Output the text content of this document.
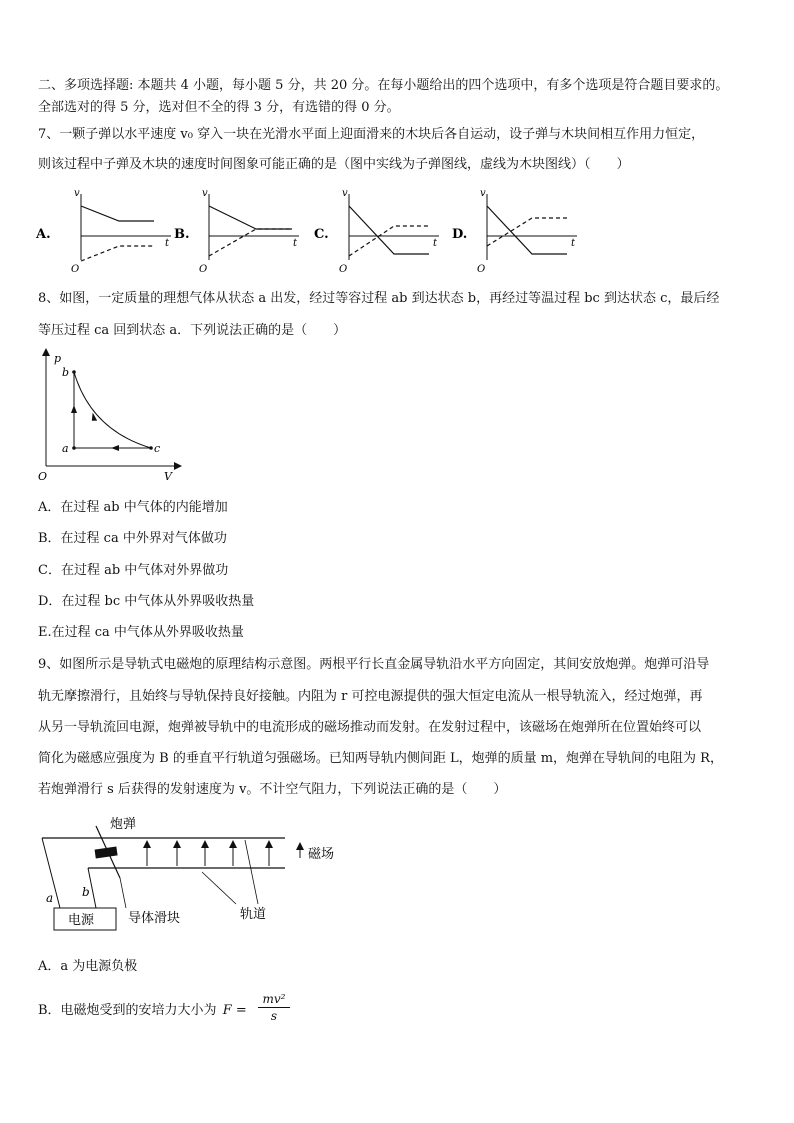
二、多项选择题: 本题共 4 小题，每小题 5 分，共 20 分。在每小题给出的四个选项中，有多个选项是符合题目要求的。
全部选对的得 5 分，选对但不全的得 3 分，有选错的得 0 分。
7、一颗子弹以水平速度 v₀ 穿入一块在光滑水平面上迎面滑来的木块后各自运动，设子弹与木块间相互作用力恒定，
则该过程中子弹及木块的速度时间图象可能正确的是（图中实线为子弹图线，虚线为木块图线）（　　）
A.
v
t
O
B.
v
t
O
C.
v
t
O
D.
v
t
O
8、如图，一定质量的理想气体从状态 a 出发，经过等容过程 ab 到达状态 b，再经过等温过程 bc 到达状态 c，最后经
等压过程 ca 回到状态 a．下列说法正确的是（　　）
p
V
O
b
a	c
A．在过程 ab 中气体的内能增加
B．在过程 ca 中外界对气体做功
C．在过程 ab 中气体对外界做功
D．在过程 bc 中气体从外界吸收热量
E.在过程 ca 中气体从外界吸收热量
9、如图所示是导轨式电磁炮的原理结构示意图。两根平行长直金属导轨沿水平方向固定，其间安放炮弹。炮弹可沿导
轨无摩擦滑行，且始终与导轨保持良好接触。内阻为 r 可控电源提供的强大恒定电流从一根导轨流入，经过炮弹，再
从另一导轨流回电源，炮弹被导轨中的电流形成的磁场推动而发射。在发射过程中，该磁场在炮弹所在位置始终可以
简化为磁感应强度为 B 的垂直平行轨道匀强磁场。已知两导轨内侧间距 L，炮弹的质量 m，炮弹在导轨间的电阻为 R，
若炮弹滑行 s 后获得的发射速度为 v。不计空气阻力，下列说法正确的是（　　）
电源
a b
炮弹
磁场
导体滑块	轨道
A．a 为电源负极
B．电磁炮受到的安培力大小为 $F = \frac{\text{mv²}}{s}$
